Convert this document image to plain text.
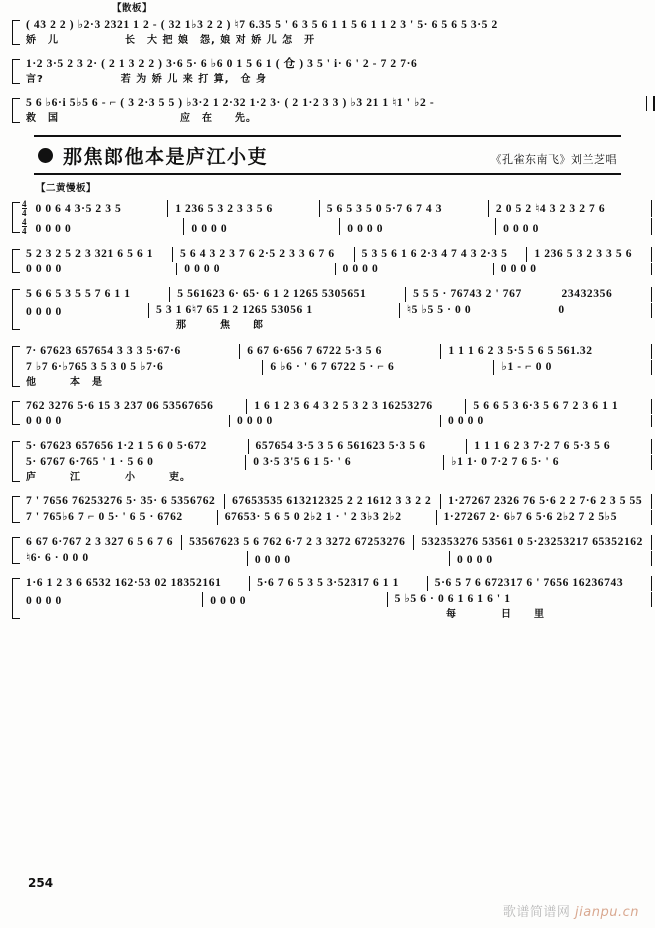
【散板】
( 43 2 2 ) ♭2·3 2321 1 2 - ( 32 1♭3 2 2 ) ♮7 6.35 5 ' 6 3 5 6 1 1 5 6 1 1 2 3 ' 5· 6 5 6 5 3·5 2
娇　儿　　　　　　长　大 把 娘　怨, 娘 对 娇 儿 怎　开
1·2 3·5 2 3 2· ( 2 1 3 2 2 ) 3·6 5· 6 ♭6 0 1 5 6 1 ( 仓 ) 3 5 ' i· 6 ' 2 - 7 2 7·6
言?　　　　　　　若 为 娇 儿 来 打 算,　仓 身
5 6 ♭6·i 5♭5 6 - ⌐ ( 3 2·3 5 5 ) ♭3·2 1 2·32 1·2 3· ( 2 1·2 3 3 ) ♭3 21 1 ♮1 ' ♭2 -
救　国　　　　　　　　　　　应　在　　先。
那焦郎他本是庐江小吏	《孔雀东南飞》刘兰芝唱
【二黄慢板】
$\frac{4}{4} 0$ 0 6 4 3·5 2 3 5	1 236 5 3 2 3 3 5 6	5 6 5 3 5 0 5·7 6 7 4 3	2 0 5 2 ♮4 3 2 3 2 7 6
$\frac{4}{4} 0$ 0 0 0	0 0 0 0	0 0 0 0	0 0 0 0
5 2 3 2 5 2 3 321 6 5 6 1	5 6 4 3 2 3 7 6 2·5 2 3 3 6 7 6	5 3 5 6 1 6 2·3 4 7 4 3 2·3 5	1 236 5 3 2 3 3 5 6
0 0 0 0	0 0 0 0	0 0 0 0	0 0 0 0
5 6 6 5 3 5 5 7 6 1 1	5 561623 6· 65· 6 1 2 1265 5305651	5 5 5 · 76743 2 ' 767	23432356
0 0 0 0	5 3 1 6♮7 65 1 2 1265 53056 1	♮5 ♭5 5 · 0 0	0
那　　　焦　　郎
7· 67623 657654 3 3 3 5·67·6	6 67 6·656 7 6722 5·3 5 6	1 1 1 6 2 3 5·5 5 6 5 561.32
7 ♭7 6·♭765 3 5 3 0 5 ♭7·6	6 ♭6 · ' 6 7 6722 5 · ⌐ 6	♭1 - ⌐ 0 0
他　　　本　是
762 3276 5·6 15 3 237 06 53567656	1 6 1 2 3 6 4 3 2 5 3 2 3 16253276	5 6 6 5 3 6·3 5 6 7 2 3 6 1 1
0 0 0 0	0 0 0 0	0 0 0 0
5· 67623 657656 1·2 1 5 6 0 5·672	657654 3·5 3 5 6 561623 5·3 5 6	1 1 1 6 2 3 7·2 7 6 5·3 5 6
5· 6767 6·765 ' 1 · 5 6 0	0 3·5 3'5 6 1 5· ' 6	♭1 1· 0 7·2 7 6 5· ' 6
庐　　　江　　　　小　　　吏。
7 ' 7656 76253276 5· 35· 6 5356762	67653535 613212325 2 2 1612 3 3 2 2	1·27267 2326 76 5·6 2 2 7·6 2 3 5 55
7 ' 765♭6 7 ⌐ 0 5· ' 6 5 · 6762	67653· 5 6 5 0 2♭2 1 · ' 2 3♭3 2♭2	1·27267 2· 6♭7 6 5·6 2♭2 7 2 5♭5
6 67 6·767 2 3 327 6 5 6 7 6	53567623 5 6 762 6·7 2 3 3272 67253276	532353276 53561 0 5·23253217 65352162
♮6· 6 · 0 0 0	0 0 0 0	0 0 0 0
1·6 1 2 3 6 6532 162·53 02 18352161	5·6 7 6 5 3 5 3·52317 6 1 1	5·6 5 7 6 672317 6 ' 7656 16236743
0 0 0 0	0 0 0 0	5 ♭5 6 · 0 6 1 6 1 6 ' 1
每　　　　日　　里
254
歌谱简谱网 jianpu.cn
